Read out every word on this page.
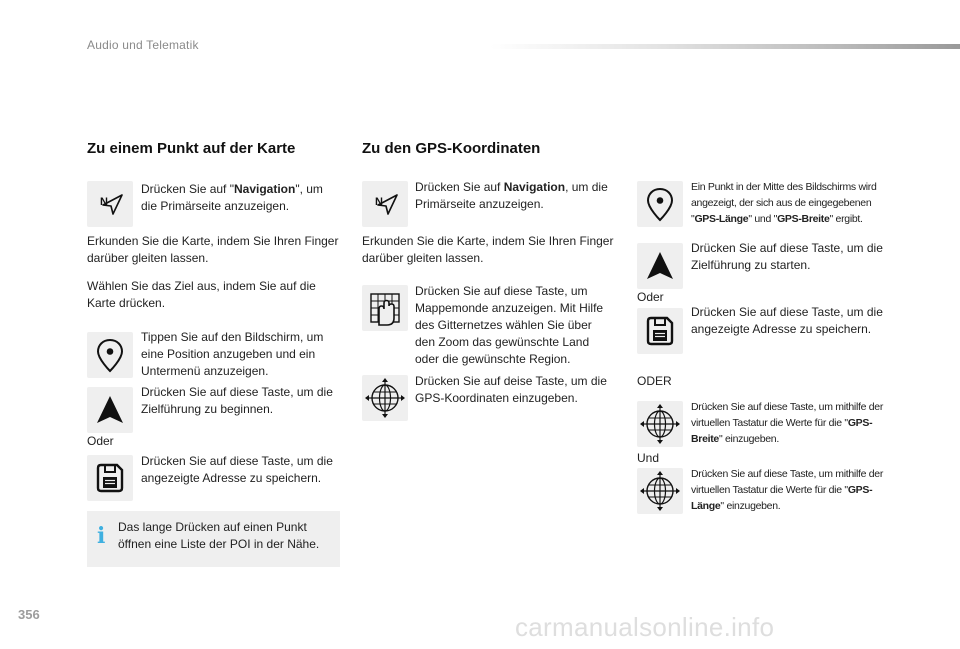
Audio und Telematik
Zu einem Punkt auf der Karte
Drücken Sie auf "Navigation", um die Primärseite anzuzeigen.
Erkunden Sie die Karte, indem Sie Ihren Finger darüber gleiten lassen.
Wählen Sie das Ziel aus, indem Sie auf die Karte drücken.
Tippen Sie auf den Bildschirm, um eine Position anzugeben und ein Untermenü anzuzeigen.
Drücken Sie auf diese Taste, um die Zielführung zu beginnen.
Oder
Drücken Sie auf diese Taste, um die angezeigte Adresse zu speichern.
i Das lange Drücken auf einen Punkt öffnen eine Liste der POI in der Nähe.
Zu den GPS-Koordinaten
Drücken Sie auf Navigation, um die Primärseite anzuzeigen.
Erkunden Sie die Karte, indem Sie Ihren Finger darüber gleiten lassen.
Drücken Sie auf diese Taste, um Mappemonde anzuzeigen. Mit Hilfe des Gitternetzes wählen Sie über den Zoom das gewünschte Land oder die gewünschte Region.
Drücken Sie auf deise Taste, um die GPS-Koordinaten einzugeben.
Ein Punkt in der Mitte des Bildschirms wird angezeigt, der sich aus de eingegebenen "GPS-Länge" und "GPS-Breite" ergibt.
Drücken Sie auf diese Taste, um die Zielführung zu starten.
Oder
Drücken Sie auf diese Taste, um die angezeigte Adresse zu speichern.
ODER
Drücken Sie auf diese Taste, um mithilfe der virtuellen Tastatur die Werte für die "GPS-Breite" einzugeben.
Und
Drücken Sie auf diese Taste, um mithilfe der virtuellen Tastatur die Werte für die "GPS-Länge" einzugeben.
356	carmanualsonline.info
